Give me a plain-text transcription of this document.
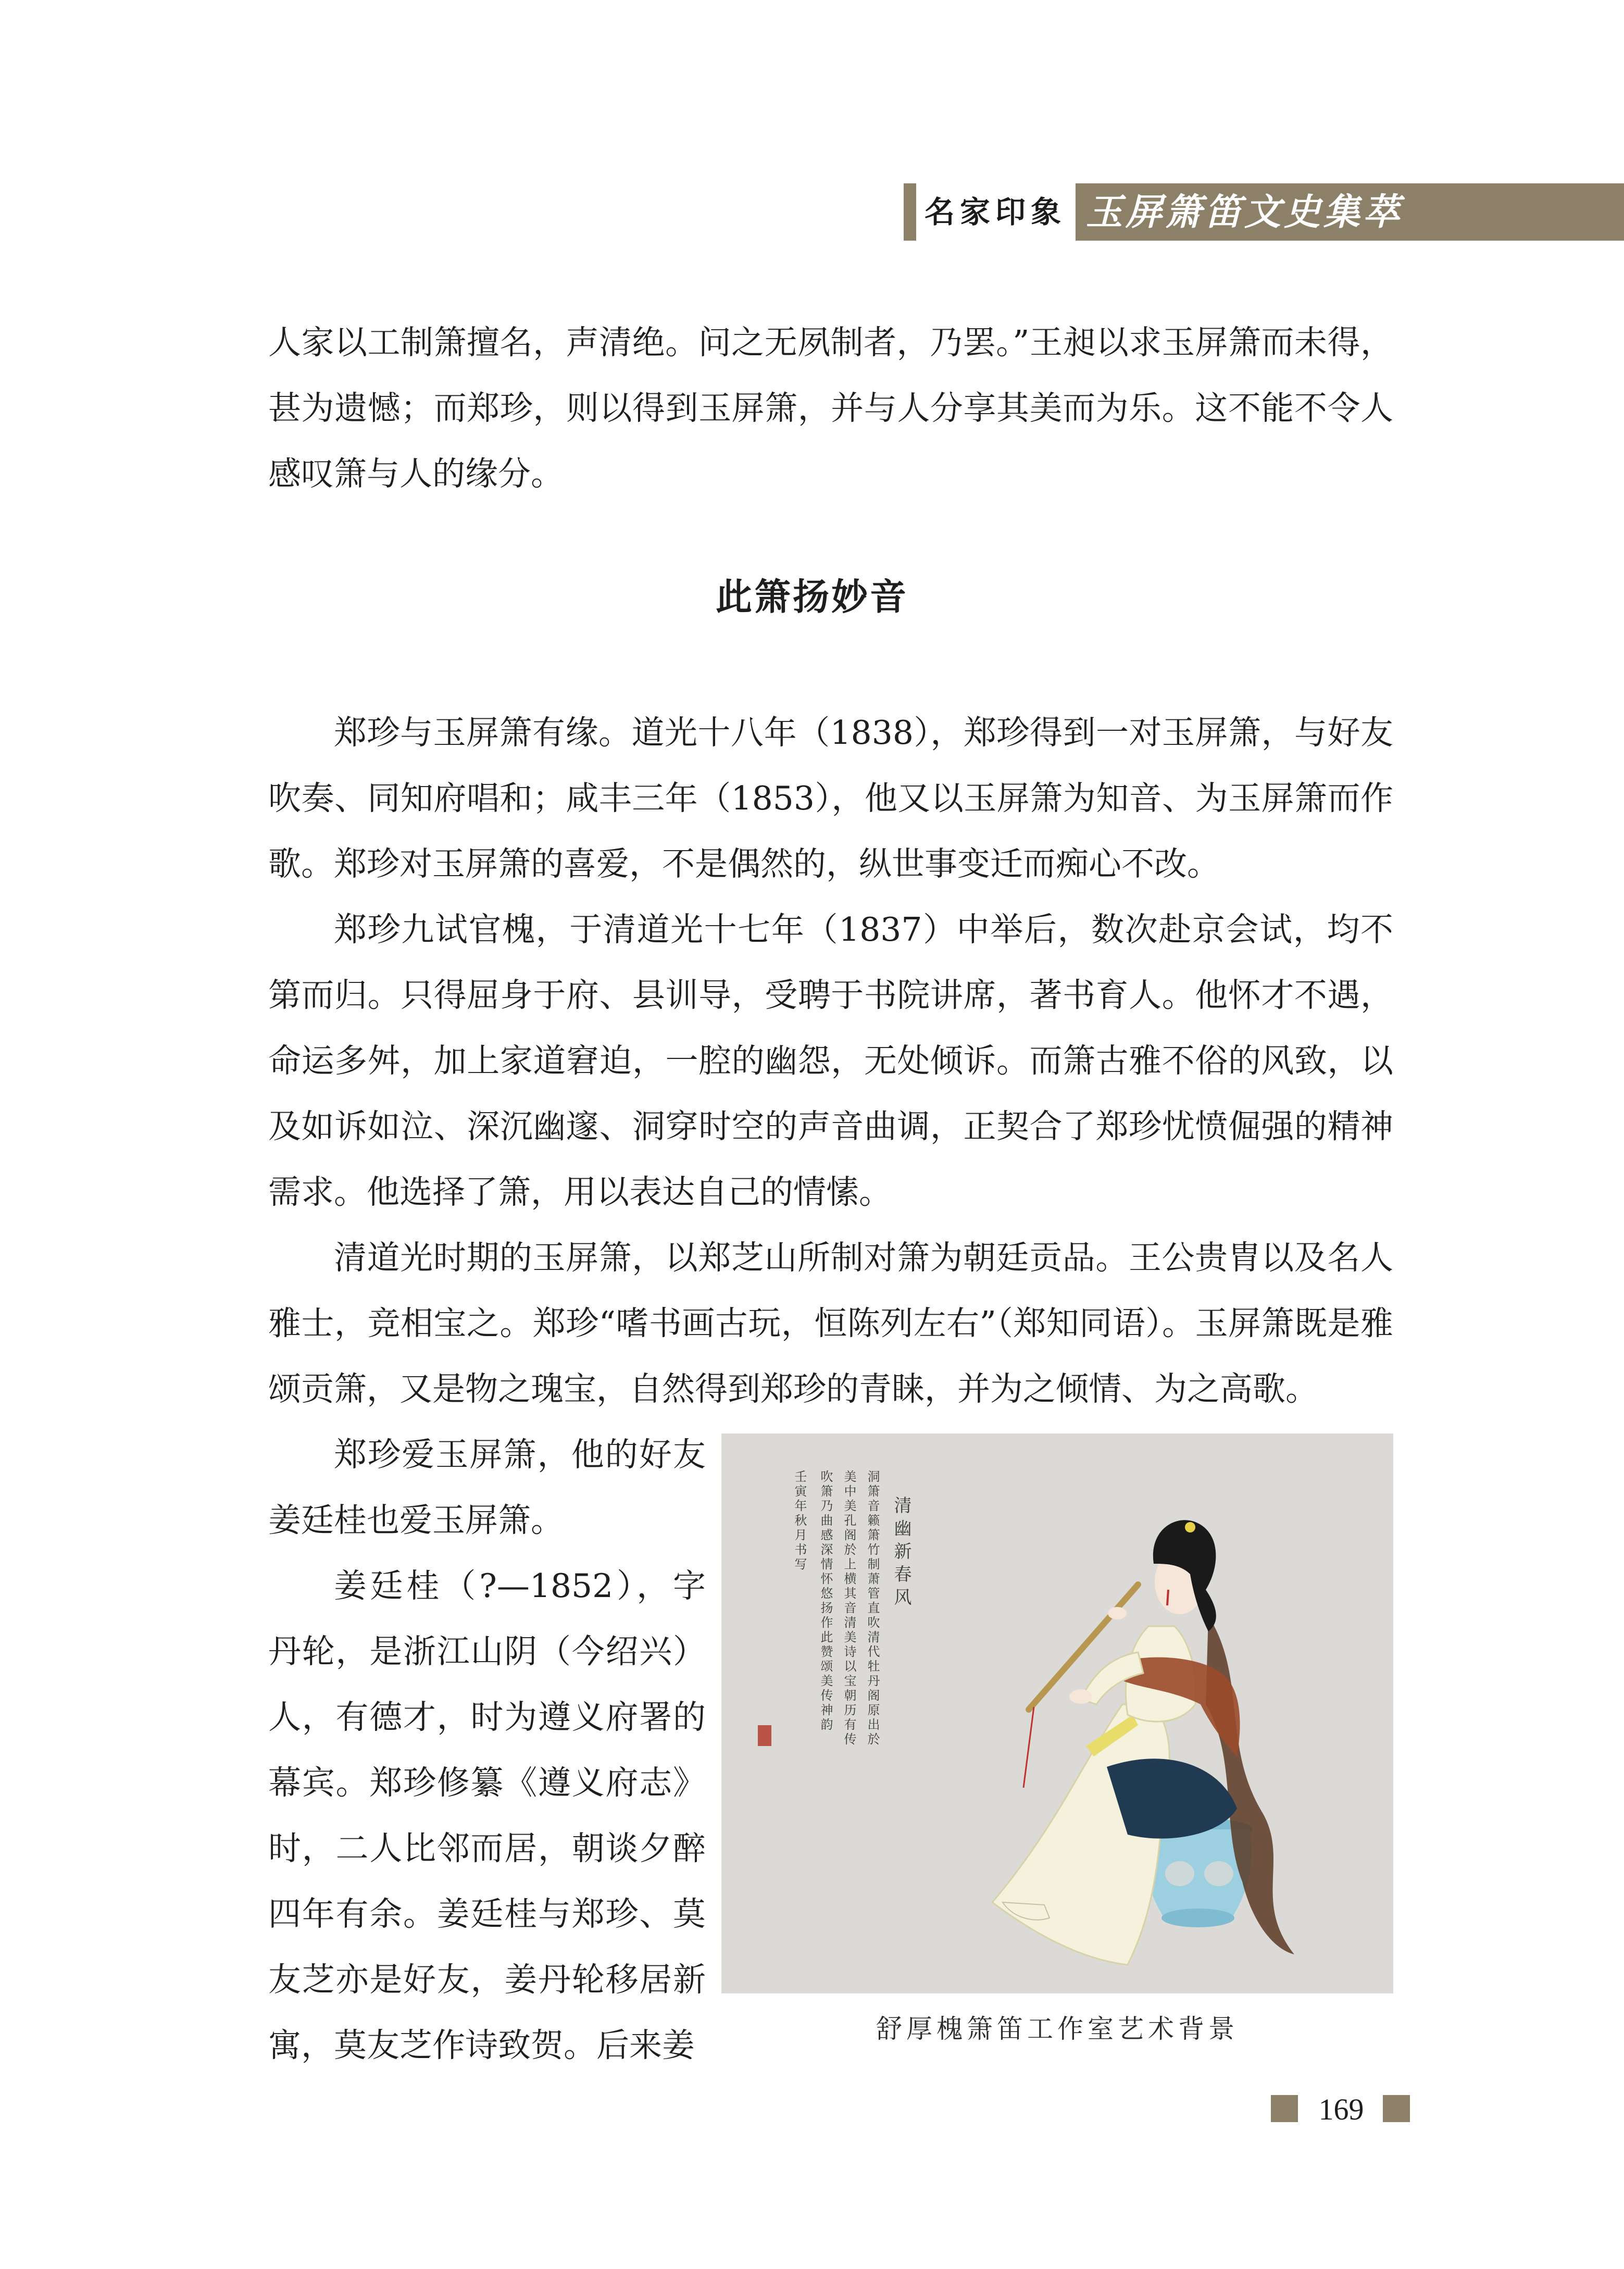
名家印象 玉屏箫笛文史集萃

人家以工制箫擅名，声清绝。问之无夙制者，乃罢。”王昶以求玉屏箫而未得，甚为遗憾；而郑珍，则以得到玉屏箫，并与人分享其美而为乐。这不能不令人感叹箫与人的缘分。

此箫扬妙音

郑珍与玉屏箫有缘。道光十八年（1838），郑珍得到一对玉屏箫，与好友吹奏、同知府唱和；咸丰三年（1853），他又以玉屏箫为知音、为玉屏箫而作歌。郑珍对玉屏箫的喜爱，不是偶然的，纵世事变迁而痴心不改。

郑珍九试官槐，于清道光十七年（1837）中举后，数次赴京会试，均不第而归。只得屈身于府、县训导，受聘于书院讲席，著书育人。他怀才不遇，命运多舛，加上家道窘迫，一腔的幽怨，无处倾诉。而箫古雅不俗的风致，以及如诉如泣、深沉幽邃、洞穿时空的声音曲调，正契合了郑珍忧愤倔强的精神需求。他选择了箫，用以表达自己的情愫。

清道光时期的玉屏箫，以郑芝山所制对箫为朝廷贡品。王公贵胄以及名人雅士，竞相宝之。郑珍“嗜书画古玩，恒陈列左右”（郑知同语）。玉屏箫既是雅颂贡箫，又是物之瑰宝，自然得到郑珍的青睐，并为之倾情、为之高歌。

郑珍爱玉屏箫，他的好友姜廷桂也爱玉屏箫。

姜廷桂（?—1852），字丹轮，是浙江山阴（今绍兴）人，有德才，时为遵义府署的幕宾。郑珍修纂《遵义府志》时，二人比邻而居，朝谈夕醉四年有余。姜廷桂与郑珍、莫友芝亦是好友，姜丹轮移居新寓，莫友芝作诗致贺。后来姜

清幽新春风
洞箫音籁箫竹制萧管直吹清代牡丹阁原出於
美中美孔阁於上横其音清美诗以宝朝历有传
吹箫乃曲感深情怀悠扬作此赞颂美传神韵
壬寅年秋月书写
舒厚槐箫笛工作室艺术背景
169
